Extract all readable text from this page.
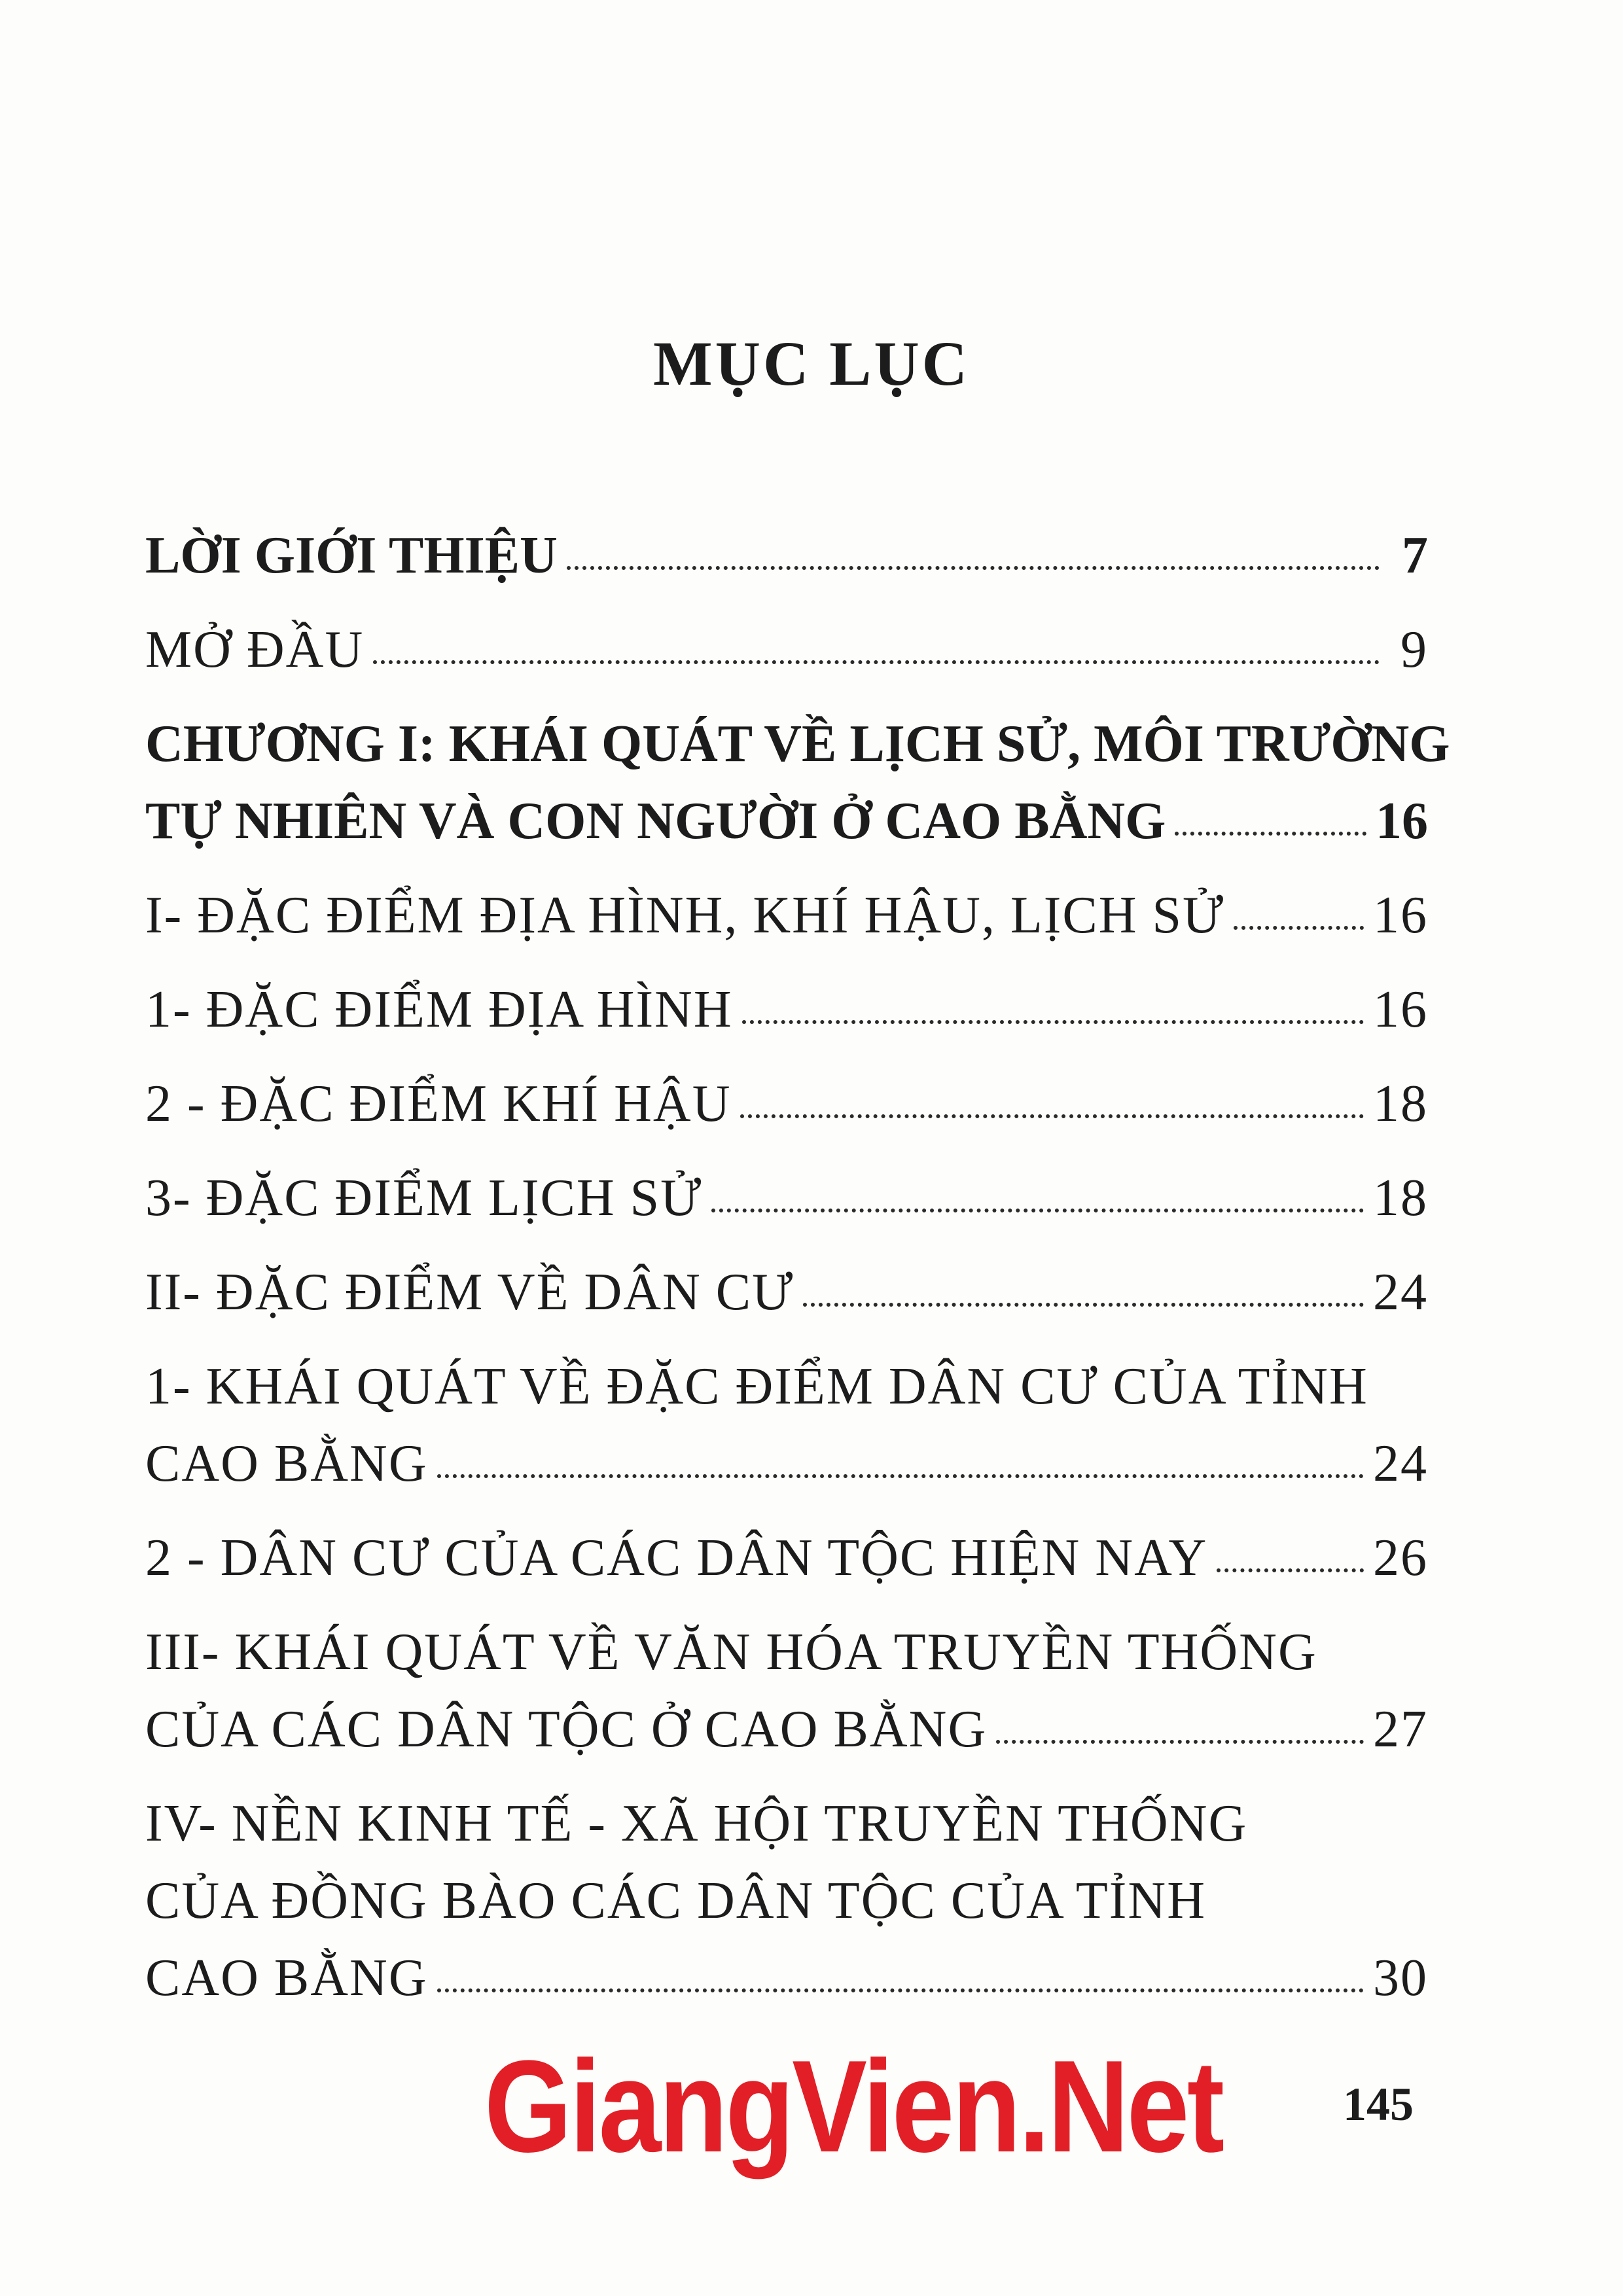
MỤC LỤC
LỜI GIỚI THIỆU	7
MỞ ĐẦU	9
CHƯƠNG I: KHÁI QUÁT VỀ LỊCH SỬ, MÔI TRƯỜNG
TỰ NHIÊN VÀ CON NGƯỜI Ở CAO BẰNG	16
I- ĐẶC ĐIỂM ĐỊA HÌNH, KHÍ HẬU, LỊCH SỬ	16
1- ĐẶC ĐIỂM ĐỊA HÌNH	16
2 - ĐẶC ĐIỂM KHÍ HẬU	18
3- ĐẶC ĐIỂM LỊCH SỬ	18
II- ĐẶC ĐIỂM VỀ DÂN CƯ	24
1- KHÁI QUÁT VỀ ĐẶC ĐIỂM DÂN CƯ CỦA TỈNH
CAO BẰNG	24
2 - DÂN CƯ CỦA CÁC DÂN TỘC HIỆN NAY	26
III- KHÁI QUÁT VỀ VĂN HÓA TRUYỀN THỐNG
CỦA CÁC DÂN TỘC Ở CAO BẰNG	27
IV- NỀN KINH TẾ - XÃ HỘI TRUYỀN THỐNG
CỦA ĐỒNG BÀO CÁC DÂN TỘC CỦA TỈNH
CAO BẰNG	30
GiangVien.Net	145
